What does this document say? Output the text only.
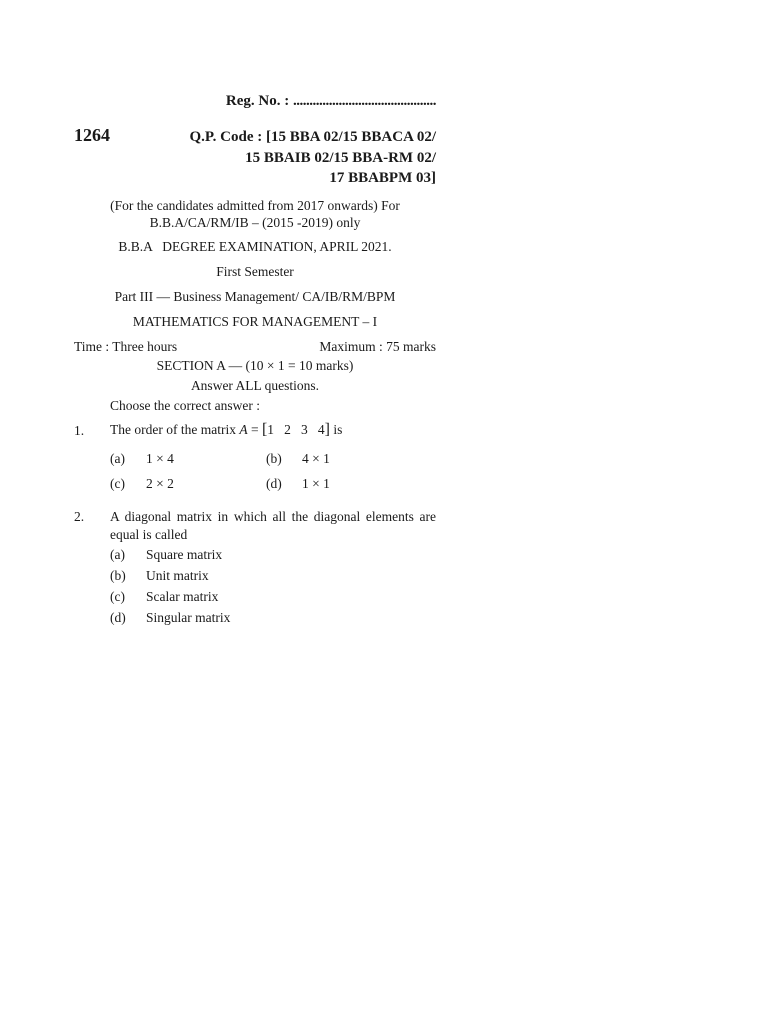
Reg. No. : ............................................
1264	Q.P. Code : [15 BBA 02/15 BBACA 02/
15 BBAIB 02/15 BBA-RM 02/
17 BBABPM 03]
(For the candidates admitted from 2017 onwards) For
B.B.A/CA/RM/IB – (2015 -2019) only
B.B.A   DEGREE EXAMINATION, APRIL 2021.
First Semester
Part III — Business Management/ CA/IB/RM/BPM
MATHEMATICS FOR MANAGEMENT – I
Time : Three hours	Maximum : 75 marks
SECTION A — (10 × 1 = 10 marks)
Answer ALL questions.
Choose the correct answer :
1. The order of the matrix A = [1   2   3   4] is
(a) 1 × 4	(b) 4 × 1
(c) 2 × 2	(d) 1 × 1
2. A diagonal matrix in which all the diagonal elements are equal is called
(a) Square matrix
(b) Unit matrix
(c) Scalar matrix
(d) Singular matrix
